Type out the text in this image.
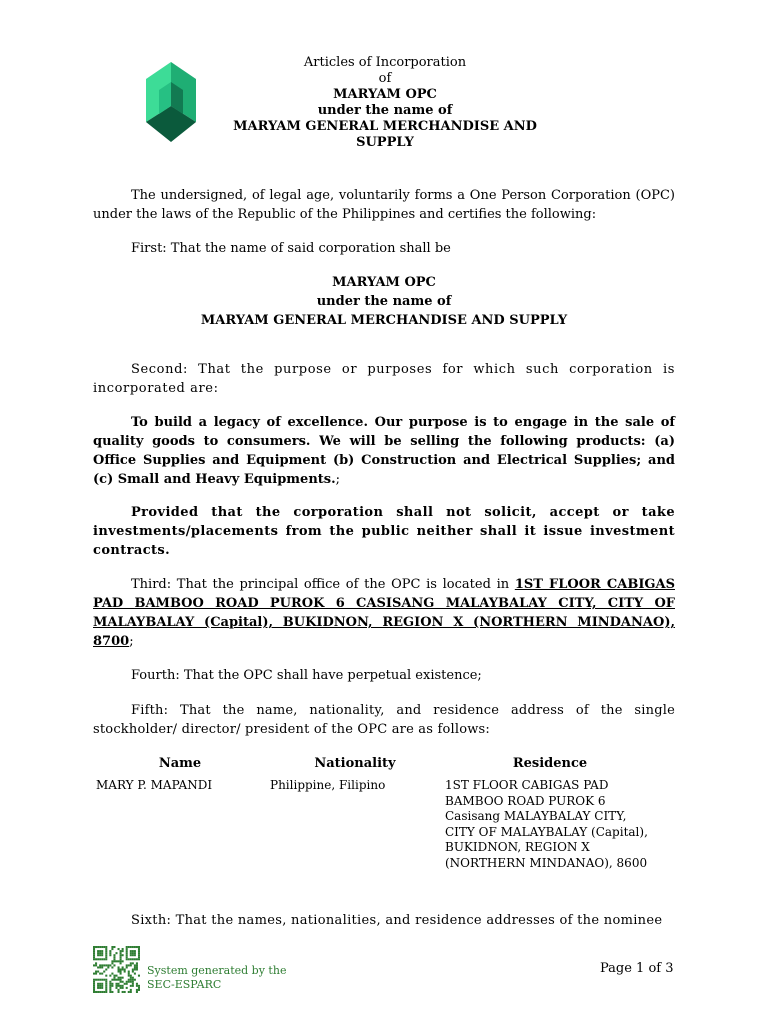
Articles of Incorporation
of
MARYAM OPC
under the name of
MARYAM GENERAL MERCHANDISE AND
SUPPLY
The undersigned, of legal age, voluntarily forms a One Person Corporation (OPC) under the laws of the Republic of the Philippines and certifies the following:
First: That the name of said corporation shall be
MARYAM OPC
under the name of
MARYAM GENERAL MERCHANDISE AND SUPPLY
Second: That the purpose or purposes for which such corporation is incorporated are:
To build a legacy of excellence. Our purpose is to engage in the sale of quality goods to consumers. We will be selling the following products: (a) Office Supplies and Equipment (b) Construction and Electrical Supplies; and (c) Small and Heavy Equipments.;
Provided that the corporation shall not solicit, accept or take investments/placements from the public neither shall it issue investment contracts.
Third: That the principal office of the OPC is located in 1ST FLOOR CABIGAS PAD BAMBOO ROAD PUROK 6 CASISANG MALAYBALAY CITY, CITY OF MALAYBALAY (Capital), BUKIDNON, REGION X (NORTHERN MINDANAO), 8700;
Fourth: That the OPC shall have perpetual existence;
Fifth: That the name, nationality, and residence address of the single stockholder/ director/ president of the OPC are as follows:
Name	Nationality	Residence
MARY P. MAPANDI	Philippine, Filipino	1ST FLOOR CABIGAS PAD
BAMBOO ROAD PUROK 6
Casisang MALAYBALAY CITY,
CITY OF MALAYBALAY (Capital),
BUKIDNON, REGION X
(NORTHERN MINDANAO), 8600
Sixth: That the names, nationalities, and residence addresses of the nominee
System generated by the
SEC-ESPARC
Page 1 of 3
